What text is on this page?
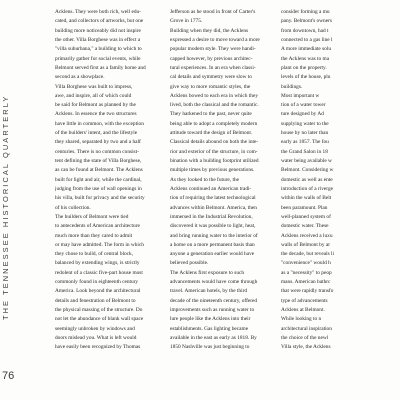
THE TENNESSEE HISTORICAL QUARTERLY
76
Acklens. They were both rich, well edu-
cated, and collectors of artworks, but one
building more noticeably did not inspire
the other. Villa Borghese was in effect a
"villa suburbana," a building to which to
primarily gather for social events, while
Belmont served first as a family home and
second as a showplace.
Villa Borghese was built to impress,
awe, and inspire, all of which could
be said for Belmont as planned by the
Acklens. In essence the two structures
have little in common, with the exception
of the builders' intent, and the lifestyle
they shared, separated by two and a half
centuries. There is no common consist-
tent defining the state of Villa Borghese,
as can be found at Belmont. The Acklens
built for light and air, while the cardinal,
judging from the use of wall openings in
his villa, built for privacy and the security
of his collection.
The builders of Belmont were tied
to antecedents of American architecture
much more than they cared to admit
or may have admitted. The form in which
they chose to build, of central block,
balanced by extending wings, is strictly
redolent of a classic five-part house most
commonly found in eighteenth century
America. Look beyond the architectural
details and fenestration of Belmont to
the physical massing of the structure. Do
not let the abundance of blank wall space
seemingly unbroken by windows and
doors mislead you. What is left would
have easily been recognized by Thomas
Jefferson as he stood in front of Carter's
Grove in 1775.
Building when they did, the Acklens
expressed a desire to move toward a more
popular modern style. They were handi-
capped however, by previous architec-
tural experiences. In an era when classi-
cal details and symmetry were slow to
give way to more romantic styles, the
Acklens bowed to each era in which they
lived, both the classical and the romantic.
They harkened to the past, never quite
being able to adopt a completely modern
attitude toward the design of Belmont.
Classical details abound on both the inte-
rior and exterior of the structure, in com-
bination with a building footprint utilized
multiple times by previous generations.
As they looked to the future, the
Acklens continued an American tradi-
tion of requiring the latest technological
advances within Belmont. America, then
immersed in the Industrial Revolution,
discovered it was possible to light, heat,
and bring running water to the interior of
a home on a more permanent basis than
anyone a generation earlier would have
believed possible.
The Acklens first exposure to such
advancements would have come through
travel. American hotels, by the third
decade of the nineteenth century, offered
improvements such as running water to
lure people like the Acklens into their
establishments. Gas lighting became
available in the east as early as 1818. By
1850 Nashville was just beginning to
consider forming a mu
pany. Belmont's owners
from downtown, had t
connected to a gas line l
A more immediate solu
the Acklens was to ma
plant on the property.
levels of the house, plu
buildings.
Most important w
tion of a water tower
ture designed by Ad
supplying water to the
house by no later than
early as 1857. The fou
the Grand Salon in 18
water being available w
Belmont. Considering w
domestic as well as ente
introduction of a riverge
within the walls of Belt
been paramount. Plan
well-planned system of
domestic water. These
Acklens received a luxu
walls of Belmont by ar
the decade, but reveals li
"convenience" would h
as a "necessity" to peop
mans. American bathrc
that were rapidly transfo
type of advancements
Acklens at Belmont.
While looking to n
architectural inspiration
the choice of the newl
Villa style, the Acklens
